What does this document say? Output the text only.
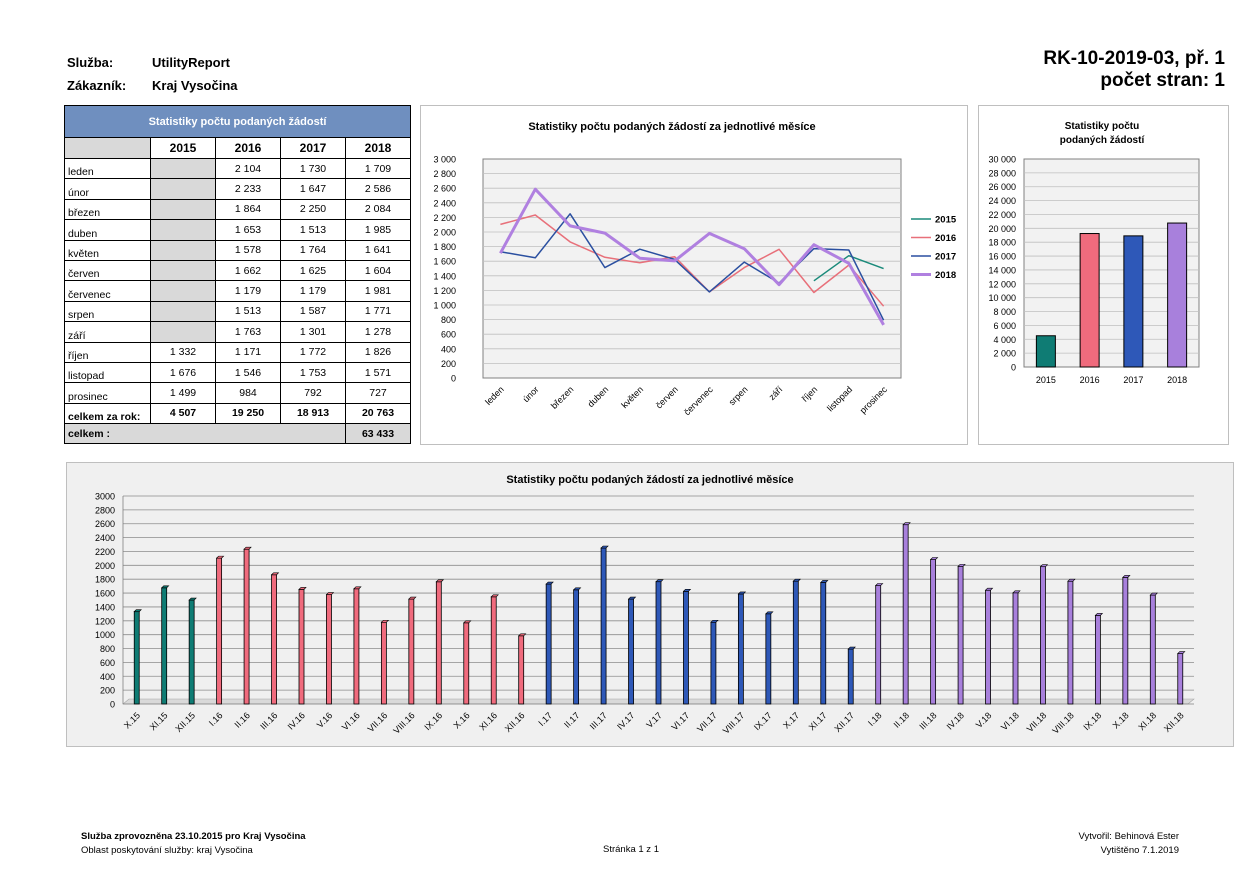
Služba:	UtilityReport
Zákazník: Kraj Vysočina
RK-10-2019-03, př. 1
počet stran: 1
Statistiky počtu podaných žádostí				
	2015	2016	2017	2018
leden		2 104	1 730	1 709
únor		2 233	1 647	2 586
březen		1 864	2 250	2 084
duben		1 653	1 513	1 985
květen		1 578	1 764	1 641
červen		1 662	1 625	1 604
červenec		1 179	1 179	1 981
srpen		1 513	1 587	1 771
září		1 763	1 301	1 278
říjen	1 332	1 171	1 772	1 826
listopad	1 676	1 546	1 753	1 571
prosinec	1 499	984	792	727
celkem za rok:	4 507	19 250	18 913	20 763
celkem :				63 433
Statistiky počtu podaných žádostí za jednotlivé měsíce
0
200
400
600
800
1 000
1 200
1 400
1 600
1 800
2 000
2 200
2 400
2 600
2 800
3 000
leden únor březen duben květen červen červenec srpen září říjen listopad prosinec
2015
2016
2017
2018
Statistiky počtu
podaných žádostí
0
2 000
4 000
6 000
8 000
10 000
12 000
14 000
16 000
18 000
20 000
22 000
24 000
26 000
28 000
30 000
2015	2016	2017	2018
Statistiky počtu podaných žádostí za jednotlivé měsíce
0
200
400
600
800
1000
1200
1400
1600
1800
2000
2200
2400
2600
2800
3000
X.15 XI.15 XII.15 I.16 II.16 III.16 IV.16 V.16 VI.16 VII.16 VIII.16 IX.16 X.16 XI.16 XII.16 I.17 II.17 III.17 IV.17 V.17 VI.17 VII.17 VIII.17 IX.17 X.17 XI.17 XII.17 I.18 II.18 III.18 IV.18 V.18 VI.18 VII.18 VIII.18 IX.18 X.18 XI.18 XII.18
Služba zprovozněna 23.10.2015 pro Kraj Vysočina
Oblast poskytování služby: kraj Vysočina	Stránka 1 z 1
Vytvořil: Behinová Ester
Vytištěno 7.1.2019
